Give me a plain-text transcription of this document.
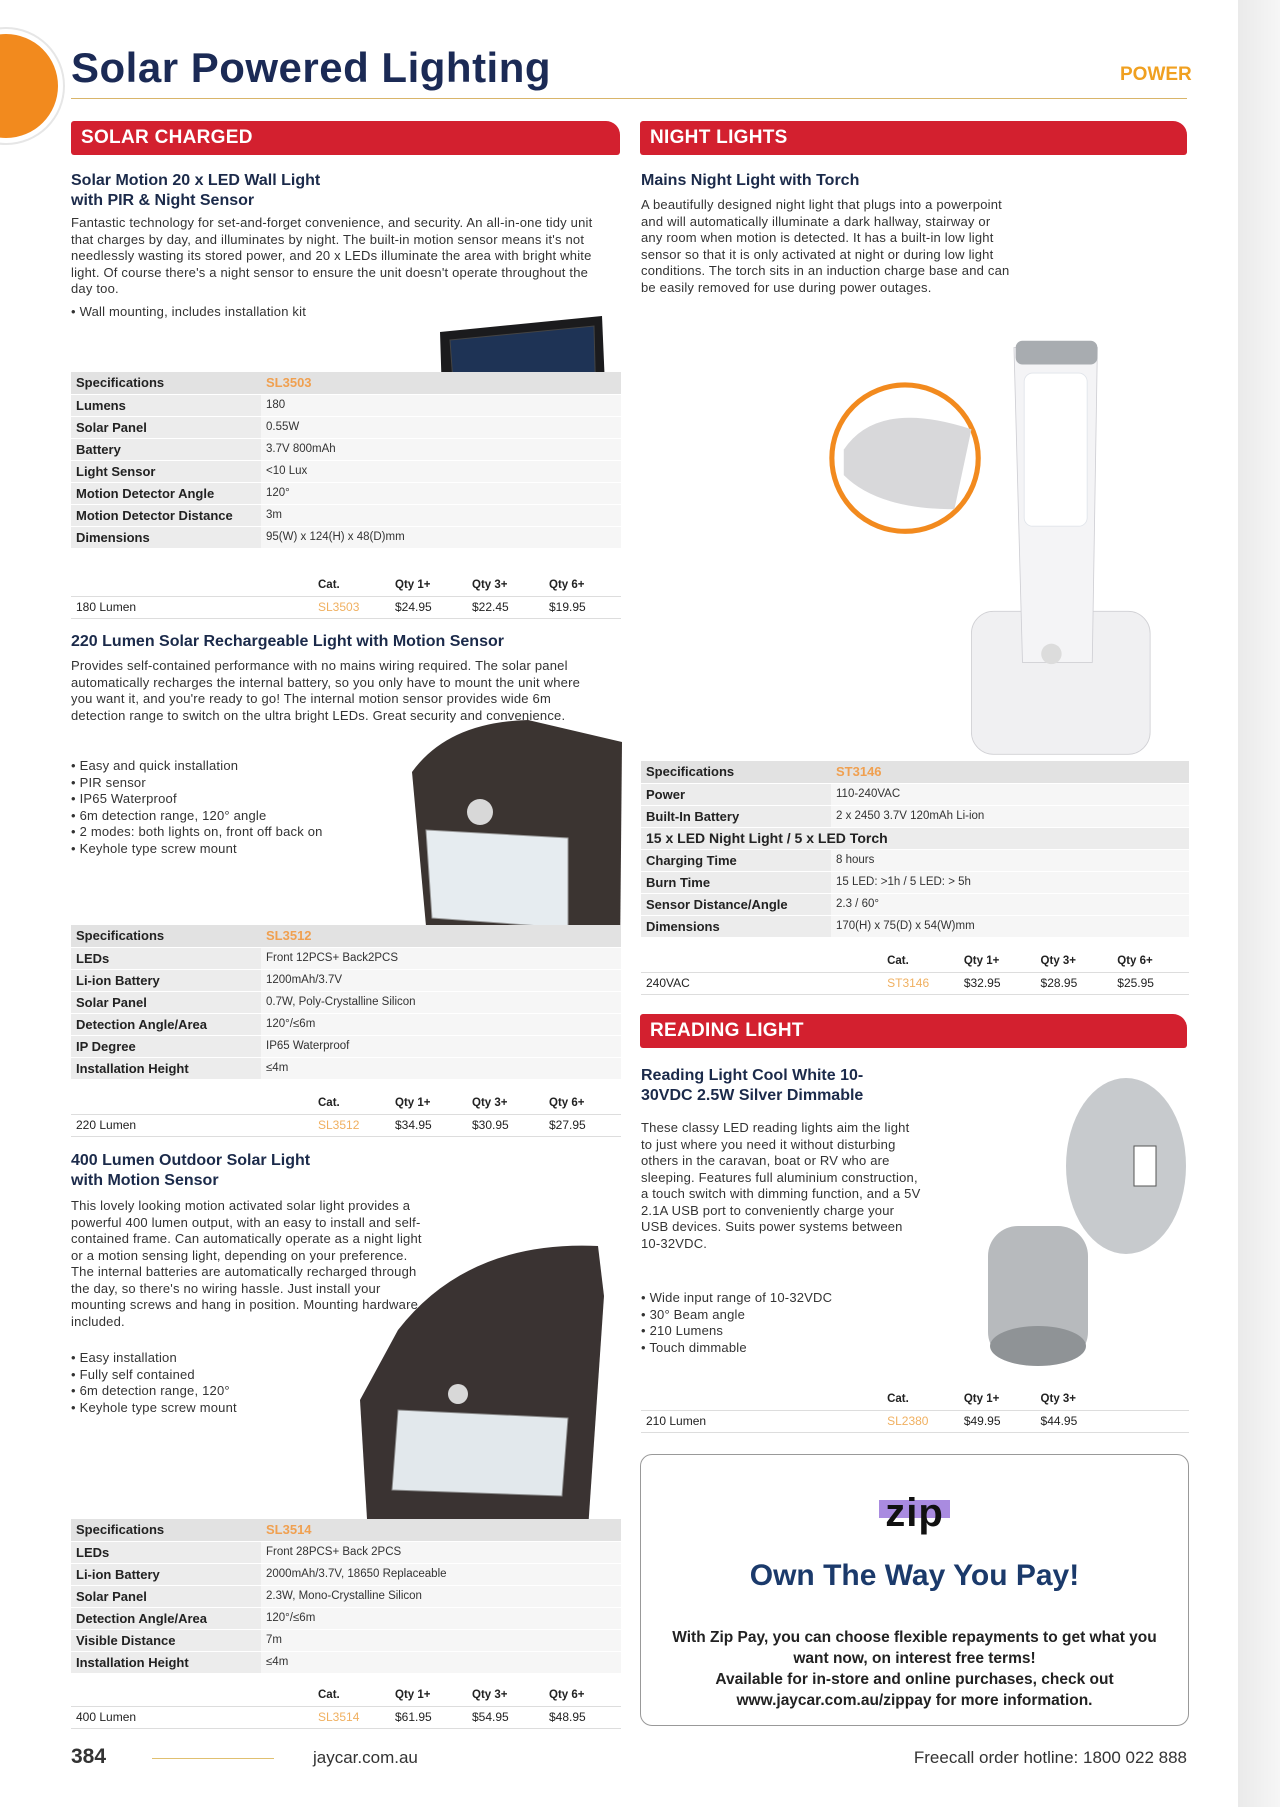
Solar Powered Lighting	POWER
SOLAR CHARGED	NIGHT LIGHTS
READING LIGHT
Solar Motion 20 x LED Wall Light
with PIR & Night Sensor
Fantastic technology for set-and-forget convenience, and security. An all-in-one tidy unit that charges by day, and illuminates by night. The built-in motion sensor means it's not needlessly wasting its stored power, and 20 x LEDs illuminate the area with bright white light. Of course there's a night sensor to ensure the unit doesn't operate throughout the day too.
• Wall mounting, includes installation kit
Specifications	SL3503
Lumens	180
Solar Panel	0.55W
Battery	3.7V 800mAh
Light Sensor	<10 Lux
Motion Detector Angle	120°
Motion Detector Distance	3m
Dimensions	95(W) x 124(H) x 48(D)mm
	Cat.	Qty 1+	Qty 3+	Qty 6+
180 Lumen	SL3503	$24.95	$22.45	$19.95
220 Lumen Solar Rechargeable Light with Motion Sensor
Provides self-contained performance with no mains wiring required. The solar panel automatically recharges the internal battery, so you only have to mount the unit where you want it, and you're ready to go! The internal motion sensor provides wide 6m detection range to switch on the ultra bright LEDs. Great security and convenience.
• Easy and quick installation
• PIR sensor
• IP65 Waterproof
• 6m detection range, 120° angle
• 2 modes: both lights on, front off back on
• Keyhole type screw mount
Specifications	SL3512
LEDs	Front 12PCS+ Back2PCS
Li-ion Battery	1200mAh/3.7V
Solar Panel	0.7W, Poly-Crystalline Silicon
Detection Angle/Area	120°/≤6m
IP Degree	IP65 Waterproof
Installation Height	≤4m
	Cat.	Qty 1+	Qty 3+	Qty 6+
220 Lumen	SL3512	$34.95	$30.95	$27.95
400 Lumen Outdoor Solar Light
with Motion Sensor
This lovely looking motion activated solar light provides a powerful 400 lumen output, with an easy to install and self-contained frame. Can automatically operate as a night light or a motion sensing light, depending on your preference. The internal batteries are automatically recharged through the day, so there's no wiring hassle. Just install your mounting screws and hang in position. Mounting hardware included.
• Easy installation
• Fully self contained
• 6m detection range, 120°
• Keyhole type screw mount
Specifications	SL3514
LEDs	Front 28PCS+ Back 2PCS
Li-ion Battery	2000mAh/3.7V, 18650 Replaceable
Solar Panel	2.3W, Mono-Crystalline Silicon
Detection Angle/Area	120°/≤6m
Visible Distance	7m
Installation Height	≤4m
	Cat.	Qty 1+	Qty 3+	Qty 6+
400 Lumen	SL3514	$61.95	$54.95	$48.95
Mains Night Light with Torch
A beautifully designed night light that plugs into a powerpoint and will automatically illuminate a dark hallway, stairway or any room when motion is detected. It has a built-in low light sensor so that it is only activated at night or during low light conditions. The torch sits in an induction charge base and can be easily removed for use during power outages.
Specifications	ST3146
Power	110-240VAC
Built-In Battery	2 x 2450 3.7V 120mAh Li-ion
15 x LED Night Light / 5 x LED Torch	
Charging Time	8 hours
Burn Time	15 LED: >1h / 5 LED: > 5h
Sensor Distance/Angle	2.3 / 60°
Dimensions	170(H) x 75(D) x 54(W)mm
	Cat.	Qty 1+	Qty 3+	Qty 6+
240VAC	ST3146	$32.95	$28.95	$25.95
Reading Light Cool White 10-
30VDC 2.5W Silver Dimmable
These classy LED reading lights aim the light to just where you need it without disturbing others in the caravan, boat or RV who are sleeping. Features full aluminium construction, a touch switch with dimming function, and a 5V 2.1A USB port to conveniently charge your USB devices. Suits power systems between 10-32VDC.
• Wide input range of 10-32VDC
• 30° Beam angle
• 210 Lumens
• Touch dimmable
	Cat.	Qty 1+	Qty 3+
210 Lumen	SL2380	$49.95	$44.95
zip
Own The Way You Pay!
With Zip Pay, you can choose flexible repayments to get what you want now, on interest free terms!
Available for in-store and online purchases, check out www.jaycar.com.au/zippay for more information.
384	jaycar.com.au	Freecall order hotline: 1800 022 888
